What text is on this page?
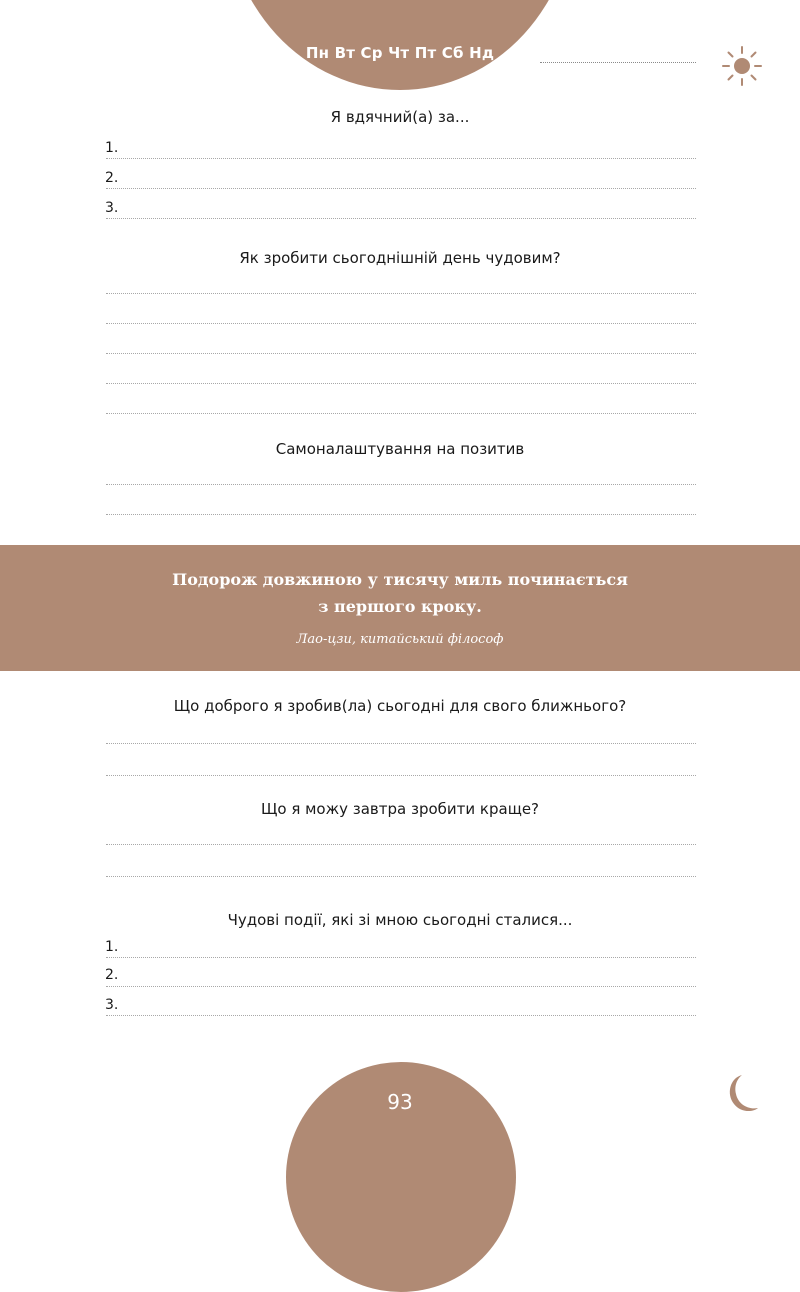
Пн Вт Ср Чт Пт Сб Нд
Я вдячний(а) за...
1.
2.
3.
Як зробити сьогоднішній день чудовим?
Самоналаштування на позитив
Подорож довжиною у тисячу миль починається
з першого кроку.
Лао-цзи, китайський філософ
Що доброго я зробив(ла) сьогодні для свого ближнього?
Що я можу завтра зробити краще?
Чудові події, які зі мною сьогодні сталися...
1.
2.
3.
93
